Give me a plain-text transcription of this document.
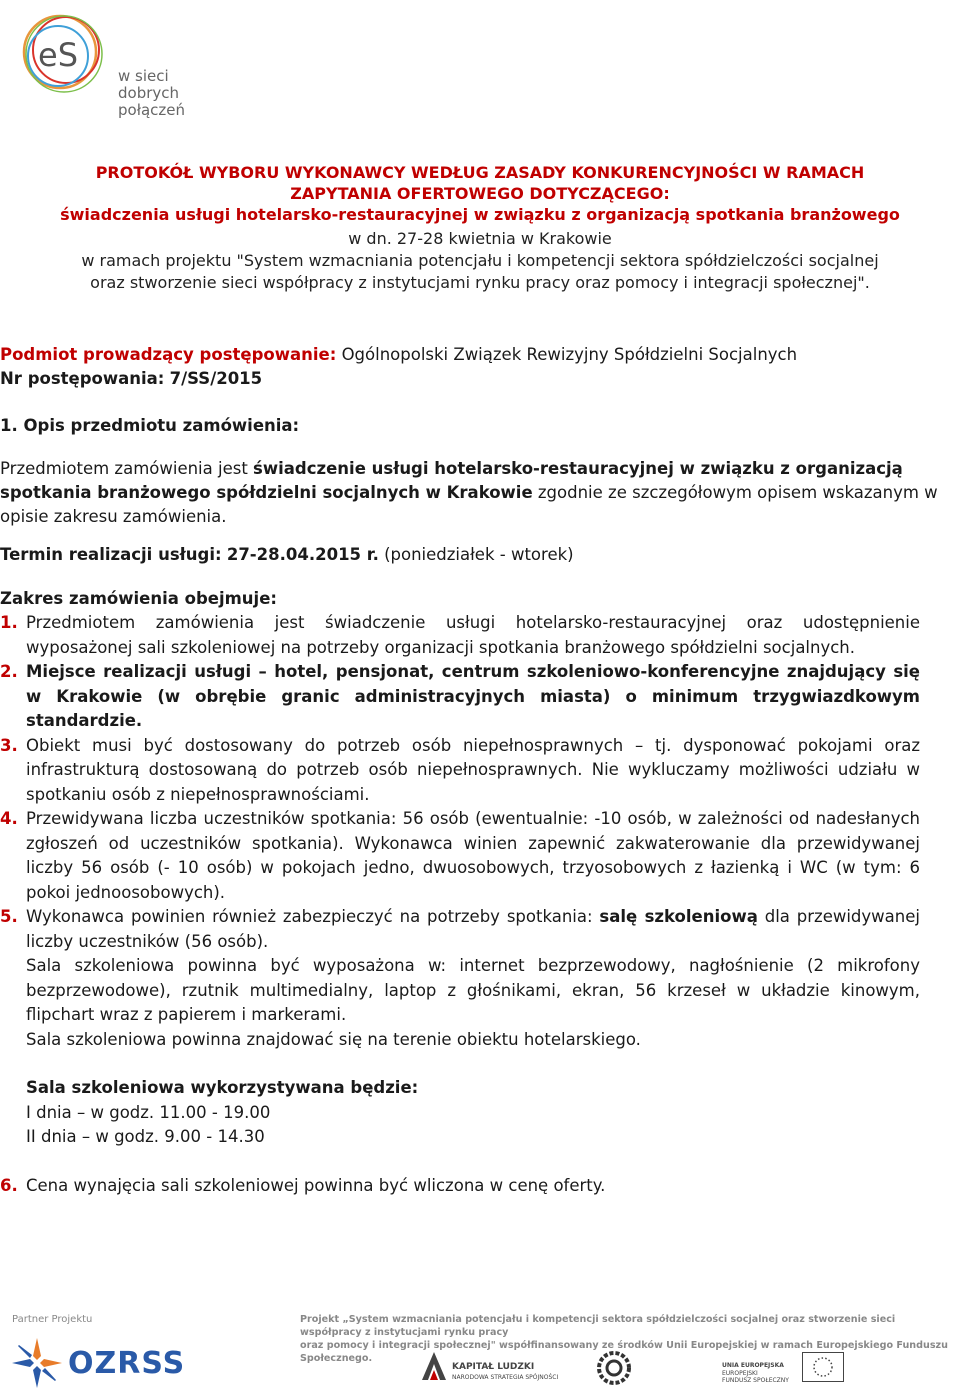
eS
w sieci
dobrych połączeń
PROTOKÓŁ WYBORU WYKONAWCY WEDŁUG ZASADY KONKURENCYJNOŚCI W RAMACH
ZAPYTANIA OFERTOWEGO DOTYCZĄCEGO:
świadczenia usługi hotelarsko-restauracyjnej w związku z organizacją spotkania branżowego
w dn. 27-28 kwietnia w Krakowie
w ramach projektu "System wzmacniania potencjału i kompetencji sektora spółdzielczości socjalnej
oraz stworzenie sieci współpracy z instytucjami rynku pracy oraz pomocy i integracji społecznej".

Podmiot prowadzący postępowanie: Ogólnopolski Związek Rewizyjny Spółdzielni Socjalnych

Nr postępowania: 7/SS/2015

1. Opis przedmiotu zamówienia:

Przedmiotem zamówienia jest świadczenie usługi hotelarsko-restauracyjnej w związku z organizacją spotkania branżowego spółdzielni socjalnych w Krakowie zgodnie ze szczegółowym opisem wskazanym w opisie zakresu zamówienia.

Termin realizacji usługi: 27-28.04.2015 r. (poniedziałek - wtorek)

Zakres zamówienia obejmuje:

1. Przedmiotem zamówienia jest świadczenie usługi hotelarsko-restauracyjnej oraz udostępnienie wyposażonej sali szkoleniowej na potrzeby organizacji spotkania branżowego spółdzielni socjalnych.
2. Miejsce realizacji usługi – hotel, pensjonat, centrum szkoleniowo-konferencyjne znajdujący się w Krakowie (w obrębie granic administracyjnych miasta) o minimum trzygwiazdkowym standardzie.
3. Obiekt musi być dostosowany do potrzeb osób niepełnosprawnych – tj. dysponować pokojami oraz infrastrukturą dostosowaną do potrzeb osób niepełnosprawnych. Nie wykluczamy możliwości udziału w spotkaniu osób z niepełnosprawnościami.
4. Przewidywana liczba uczestników spotkania: 56 osób (ewentualnie: -10 osób, w zależności od nadesłanych zgłoszeń od uczestników spotkania). Wykonawca winien zapewnić zakwaterowanie dla przewidywanej liczby 56 osób (- 10 osób) w pokojach jedno, dwuosobowych, trzyosobowych z łazienką i WC (w tym: 6 pokoi jednoosobowych).
5. Wykonawca powinien również zabezpieczyć na potrzeby spotkania: salę szkoleniową dla przewidywanej liczby uczestników (56 osób).
Sala szkoleniowa powinna być wyposażona w: internet bezprzewodowy, nagłośnienie (2 mikrofony bezprzewodowe), rzutnik multimedialny, laptop z głośnikami, ekran, 56 krzeseł w układzie kinowym, flipchart wraz z papierem i markerami.
Sala szkoleniowa powinna znajdować się na terenie obiektu hotelarskiego.
Sala szkoleniowa wykorzystywana będzie:
I dnia – w godz. 11.00 - 19.00
II dnia – w godz. 9.00 - 14.30
6. Cena wynajęcia sali szkoleniowej powinna być wliczona w cenę oferty.
Partner Projektu	Projekt „System wzmacniania potencjału i kompetencji sektora spółdzielczości socjalnej oraz stworzenie sieci współpracy z instytucjami rynku pracy
oraz pomocy i integracji społecznej" współfinansowany ze środków Unii Europejskiej w ramach Europejskiego Funduszu Społecznego.
OZRSS	KAPITAŁ LUDZKI
NARODOWA STRATEGIA SPÓJNOŚCI
UNIA EUROPEJSKA
EUROPEJSKI
FUNDUSZ SPOŁECZNY
